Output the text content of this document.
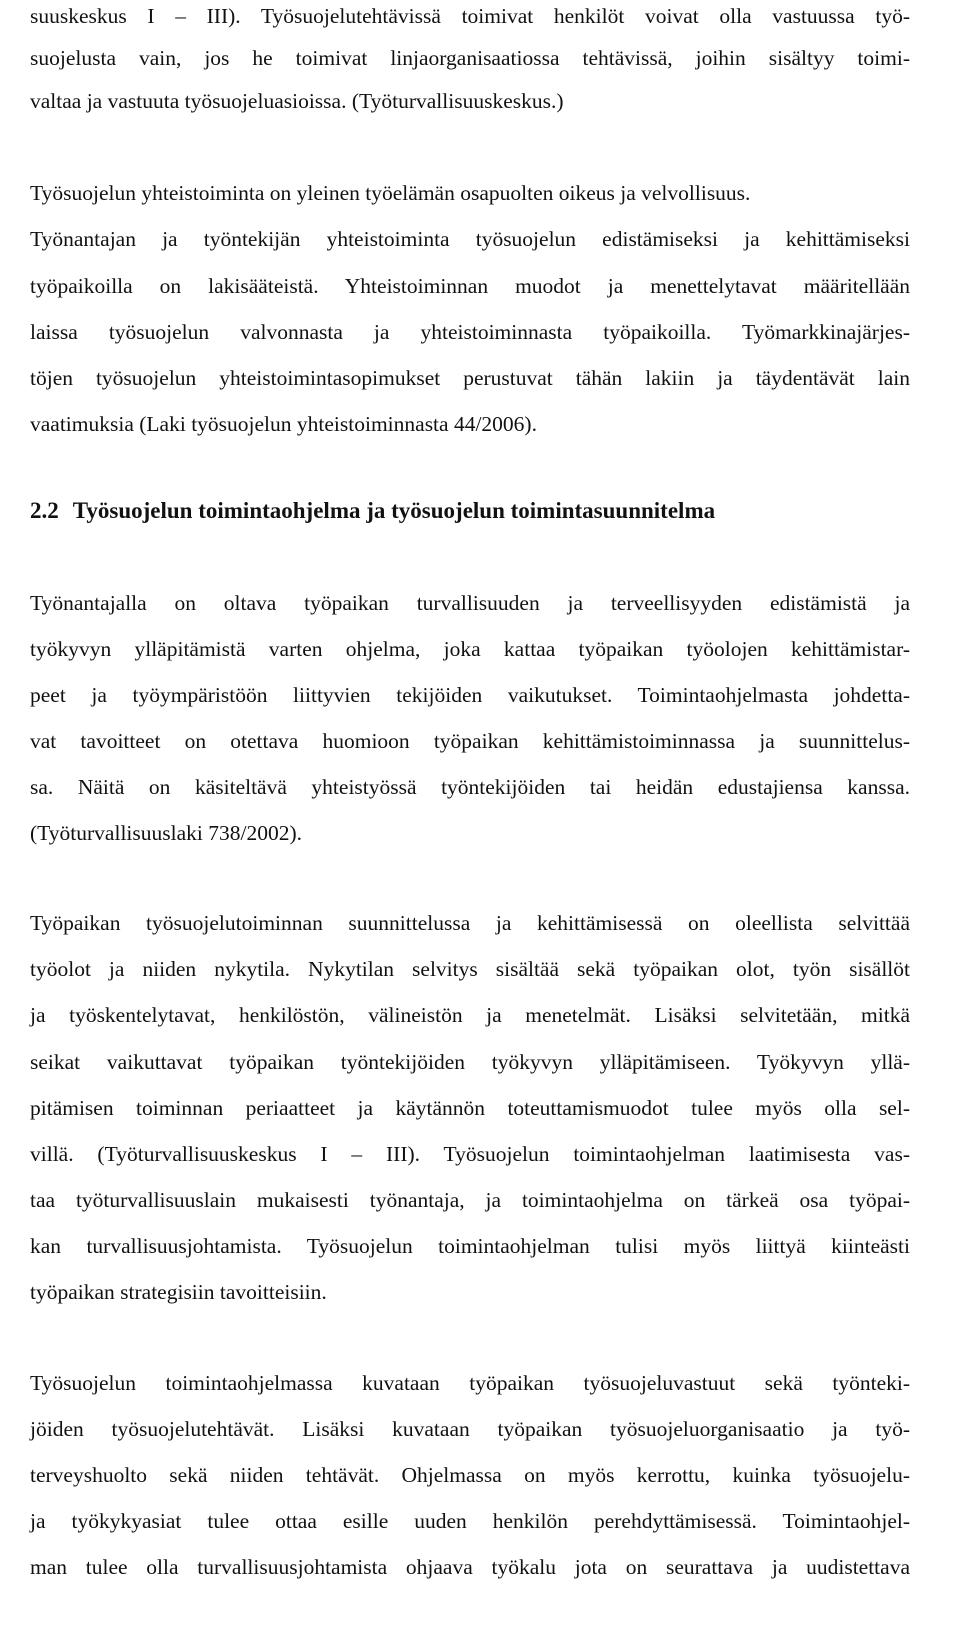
suuskeskus I – III). Työsuojelutehtävissä toimivat henkilöt voivat olla vastuussa työ-
suojelusta vain, jos he toimivat linjaorganisaatiossa tehtävissä, joihin sisältyy toimi-
valtaa ja vastuuta työsuojeluasioissa. (Työturvallisuuskeskus.)
Työsuojelun yhteistoiminta on yleinen työelämän osapuolten oikeus ja velvollisuus.
Työnantajan ja työntekijän yhteistoiminta työsuojelun edistämiseksi ja kehittämiseksi
työpaikoilla on lakisääteistä. Yhteistoiminnan muodot ja menettelytavat määritellään
laissa työsuojelun valvonnasta ja yhteistoiminnasta työpaikoilla. Työmarkkinajärjes-
töjen työsuojelun yhteistoimintasopimukset perustuvat tähän lakiin ja täydentävät lain
vaatimuksia (Laki työsuojelun yhteistoiminnasta 44/2006).
2.2 Työsuojelun toimintaohjelma ja työsuojelun toimintasuunnitelma
Työnantajalla on oltava työpaikan turvallisuuden ja terveellisyyden edistämistä ja
työkyvyn ylläpitämistä varten ohjelma, joka kattaa työpaikan työolojen kehittämistar-
peet ja työympäristöön liittyvien tekijöiden vaikutukset. Toimintaohjelmasta johdetta-
vat tavoitteet on otettava huomioon työpaikan kehittämistoiminnassa ja suunnittelus-
sa. Näitä on käsiteltävä yhteistyössä työntekijöiden tai heidän edustajiensa kanssa.
(Työturvallisuuslaki 738/2002).
Työpaikan työsuojelutoiminnan suunnittelussa ja kehittämisessä on oleellista selvittää
työolot ja niiden nykytila. Nykytilan selvitys sisältää sekä työpaikan olot, työn sisällöt
ja työskentelytavat, henkilöstön, välineistön ja menetelmät. Lisäksi selvitetään, mitkä
seikat vaikuttavat työpaikan työntekijöiden työkyvyn ylläpitämiseen. Työkyvyn yllä-
pitämisen toiminnan periaatteet ja käytännön toteuttamismuodot tulee myös olla sel-
villä. (Työturvallisuuskeskus I – III). Työsuojelun toimintaohjelman laatimisesta vas-
taa työturvallisuuslain mukaisesti työnantaja, ja toimintaohjelma on tärkeä osa työpai-
kan turvallisuusjohtamista. Työsuojelun toimintaohjelman tulisi myös liittyä kiinteästi
työpaikan strategisiin tavoitteisiin.
Työsuojelun toimintaohjelmassa kuvataan työpaikan työsuojeluvastuut sekä työnteki-
jöiden työsuojelutehtävät. Lisäksi kuvataan työpaikan työsuojeluorganisaatio ja työ-
terveyshuolto sekä niiden tehtävät. Ohjelmassa on myös kerrottu, kuinka työsuojelu-
ja työkykyasiat tulee ottaa esille uuden henkilön perehdyttämisessä. Toimintaohjel-
man tulee olla turvallisuusjohtamista ohjaava työkalu jota on seurattava ja uudistettava
